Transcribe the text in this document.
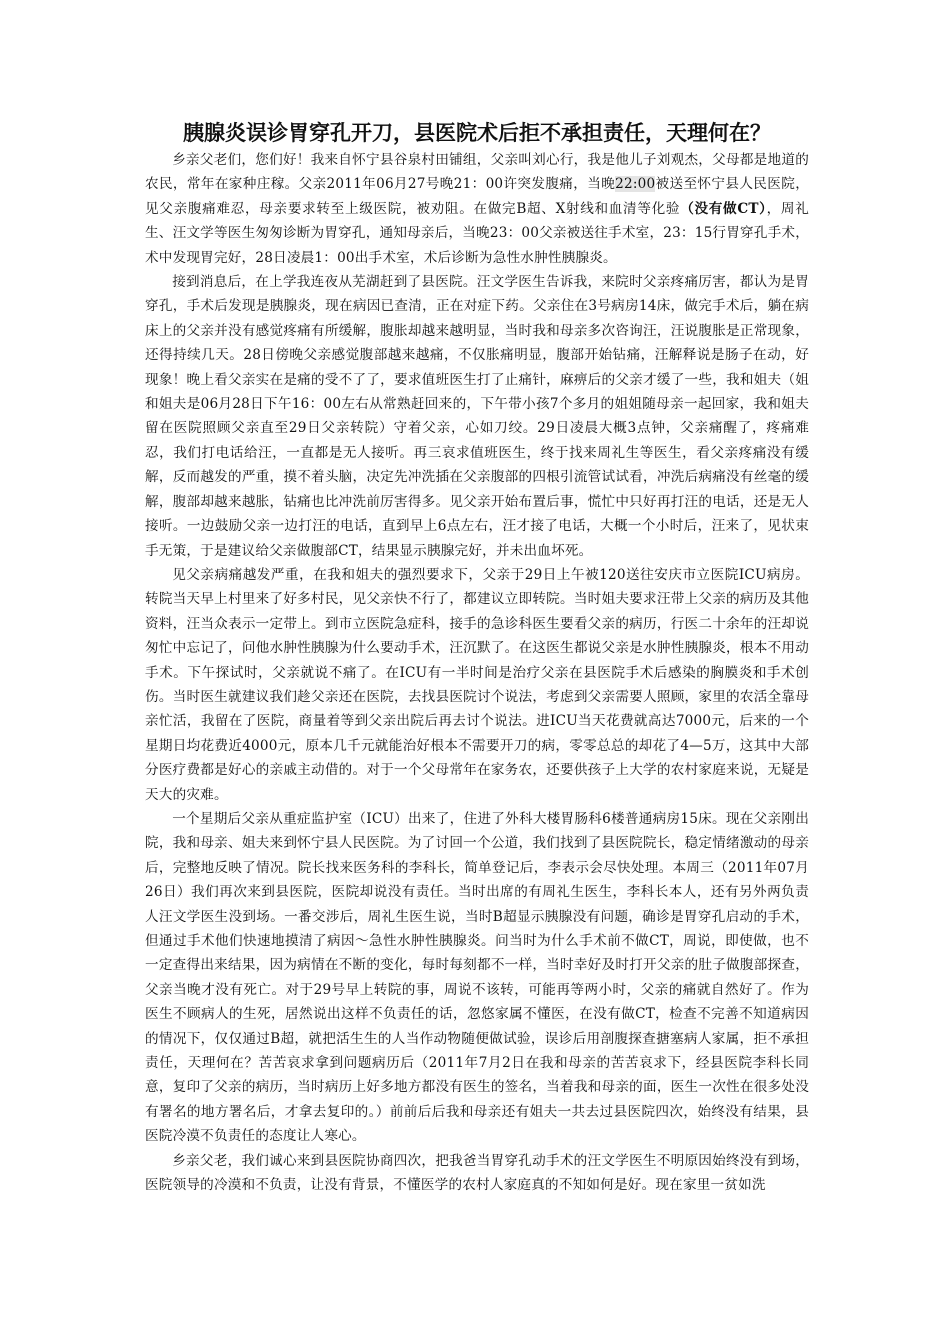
胰腺炎误诊胃穿孔开刀，县医院术后拒不承担责任，天理何在？

乡亲父老们，您们好！我来自怀宁县谷泉村田铺组，父亲叫刘心行，我是他儿子刘观杰，父母都是地道的农民，常年在家种庄稼。父亲2011年06月27号晚21：00许突发腹痛，当晚22:00被送至怀宁县人民医院，见父亲腹痛难忍，母亲要求转至上级医院，被劝阻。在做完B超、X射线和血清等化验（没有做CT），周礼生、汪文学等医生匆匆诊断为胃穿孔，通知母亲后，当晚23：00父亲被送往手术室，23：15行胃穿孔手术，术中发现胃完好，28日凌晨1：00出手术室，术后诊断为急性水肿性胰腺炎。

接到消息后，在上学我连夜从芜湖赶到了县医院。汪文学医生告诉我，来院时父亲疼痛厉害，都认为是胃穿孔，手术后发现是胰腺炎，现在病因已查清，正在对症下药。父亲住在3号病房14床，做完手术后，躺在病床上的父亲并没有感觉疼痛有所缓解，腹胀却越来越明显，当时我和母亲多次咨询汪，汪说腹胀是正常现象，还得持续几天。28日傍晚父亲感觉腹部越来越痛，不仅胀痛明显，腹部开始钻痛，汪解释说是肠子在动，好现象！晚上看父亲实在是痛的受不了了，要求值班医生打了止痛针，麻痹后的父亲才缓了一些，我和姐夫（姐和姐夫是06月28日下午16：00左右从常熟赶回来的，下午带小孩7个多月的姐姐随母亲一起回家，我和姐夫留在医院照顾父亲直至29日父亲转院）守着父亲，心如刀绞。29日凌晨大概3点钟，父亲痛醒了，疼痛难忍，我们打电话给汪，一直都是无人接听。再三哀求值班医生，终于找来周礼生等医生，看父亲疼痛没有缓解，反而越发的严重，摸不着头脑，决定先冲洗插在父亲腹部的四根引流管试试看，冲洗后病痛没有丝毫的缓解，腹部却越来越胀，钻痛也比冲洗前厉害得多。见父亲开始布置后事，慌忙中只好再打汪的电话，还是无人接听。一边鼓励父亲一边打汪的电话，直到早上6点左右，汪才接了电话，大概一个小时后，汪来了，见状束手无策，于是建议给父亲做腹部CT，结果显示胰腺完好，并未出血坏死。

见父亲病痛越发严重，在我和姐夫的强烈要求下，父亲于29日上午被120送往安庆市立医院ICU病房。转院当天早上村里来了好多村民，见父亲快不行了，都建议立即转院。当时姐夫要求汪带上父亲的病历及其他资料，汪当众表示一定带上。到市立医院急症科，接手的急诊科医生要看父亲的病历，行医二十余年的汪却说匆忙中忘记了，问他水肿性胰腺为什么要动手术，汪沉默了。在这医生都说父亲是水肿性胰腺炎，根本不用动手术。下午探试时，父亲就说不痛了。在ICU有一半时间是治疗父亲在县医院手术后感染的胸膜炎和手术创伤。当时医生就建议我们趁父亲还在医院，去找县医院讨个说法，考虑到父亲需要人照顾，家里的农活全靠母亲忙活，我留在了医院，商量着等到父亲出院后再去讨个说法。进ICU当天花费就高达7000元，后来的一个星期日均花费近4000元，原本几千元就能治好根本不需要开刀的病，零零总总的却花了4—5万，这其中大部分医疗费都是好心的亲戚主动借的。对于一个父母常年在家务农，还要供孩子上大学的农村家庭来说，无疑是天大的灾难。

一个星期后父亲从重症监护室（ICU）出来了，住进了外科大楼胃肠科6楼普通病房15床。现在父亲刚出院，我和母亲、姐夫来到怀宁县人民医院。为了讨回一个公道，我们找到了县医院院长，稳定情绪激动的母亲后，完整地反映了情况。院长找来医务科的李科长，简单登记后，李表示会尽快处理。本周三（2011年07月26日）我们再次来到县医院，医院却说没有责任。当时出席的有周礼生医生，李科长本人，还有另外两负责人汪文学医生没到场。一番交涉后，周礼生医生说，当时B超显示胰腺没有问题，确诊是胃穿孔启动的手术，但通过手术他们快速地摸清了病因～急性水肿性胰腺炎。问当时为什么手术前不做CT，周说，即使做，也不一定查得出来结果，因为病情在不断的变化，每时每刻都不一样，当时幸好及时打开父亲的肚子做腹部探查，父亲当晚才没有死亡。对于29号早上转院的事，周说不该转，可能再等两小时，父亲的痛就自然好了。作为医生不顾病人的生死，居然说出这样不负责任的话，忽悠家属不懂医，在没有做CT，检查不完善不知道病因的情况下，仅仅通过B超，就把活生生的人当作动物随便做试验，误诊后用剖腹探查搪塞病人家属，拒不承担责任，天理何在？苦苦哀求拿到问题病历后（2011年7月2日在我和母亲的苦苦哀求下，经县医院李科长同意，复印了父亲的病历，当时病历上好多地方都没有医生的签名，当着我和母亲的面，医生一次性在很多处没有署名的地方署名后，才拿去复印的。）前前后后我和母亲还有姐夫一共去过县医院四次，始终没有结果，县医院冷漠不负责任的态度让人寒心。

乡亲父老，我们诚心来到县医院协商四次，把我爸当胃穿孔动手术的汪文学医生不明原因始终没有到场，医院领导的冷漠和不负责，让没有背景，不懂医学的农村人家庭真的不知如何是好。现在家里一贫如洗
